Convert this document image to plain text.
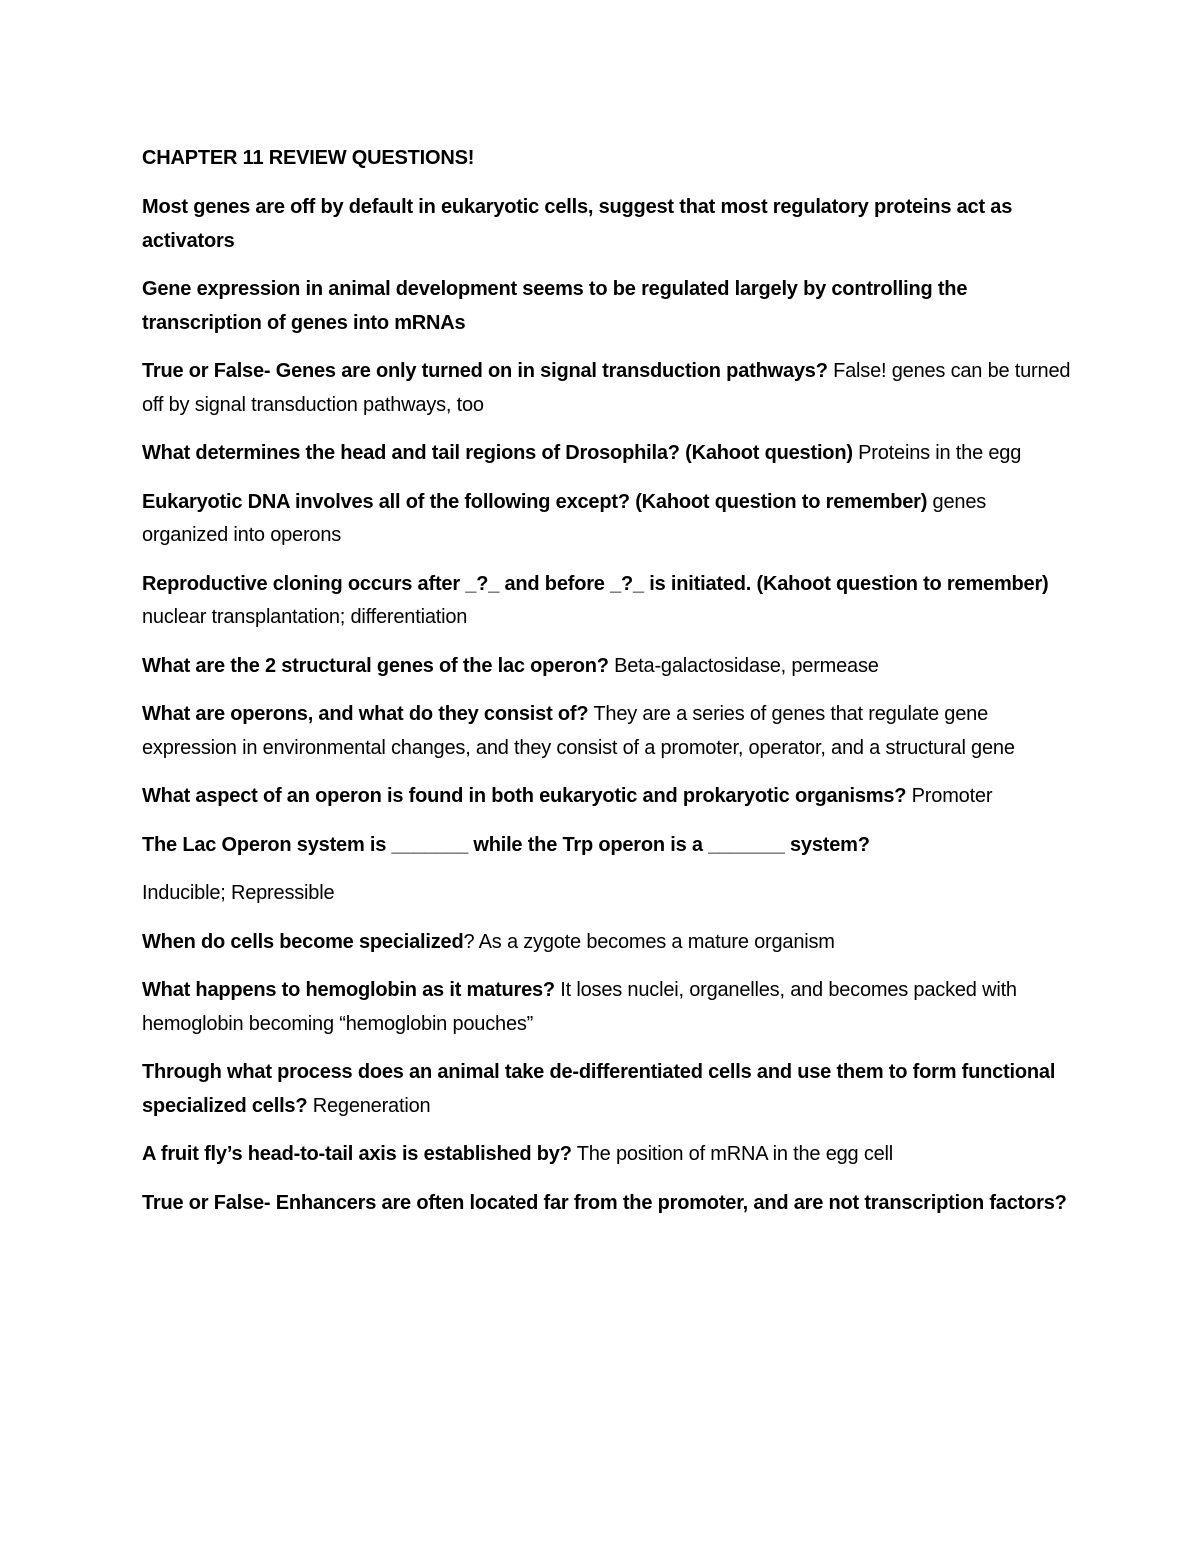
CHAPTER 11 REVIEW QUESTIONS!

Most genes are off by default in eukaryotic cells, suggest that most regulatory proteins act as activators

Gene expression in animal development seems to be regulated largely by controlling the transcription of genes into mRNAs

True or False- Genes are only turned on in signal transduction pathways? False! genes can be turned off by signal transduction pathways, too

What determines the head and tail regions of Drosophila? (Kahoot question) Proteins in the egg

Eukaryotic DNA involves all of the following except? (Kahoot question to remember) genes organized into operons

Reproductive cloning occurs after _?_ and before _?_ is initiated. (Kahoot question to remember) nuclear transplantation; differentiation

What are the 2 structural genes of the lac operon? Beta-galactosidase, permease

What are operons, and what do they consist of? They are a series of genes that regulate gene expression in environmental changes, and they consist of a promoter, operator, and a structural gene

What aspect of an operon is found in both eukaryotic and prokaryotic organisms? Promoter

The Lac Operon system is _______ while the Trp operon is a _______ system?

Inducible; Repressible

When do cells become specialized? As a zygote becomes a mature organism

What happens to hemoglobin as it matures? It loses nuclei, organelles, and becomes packed with hemoglobin becoming “hemoglobin pouches”

Through what process does an animal take de-differentiated cells and use them to form functional specialized cells? Regeneration

A fruit fly’s head-to-tail axis is established by? The position of mRNA in the egg cell

True or False- Enhancers are often located far from the promoter, and are not transcription factors?
